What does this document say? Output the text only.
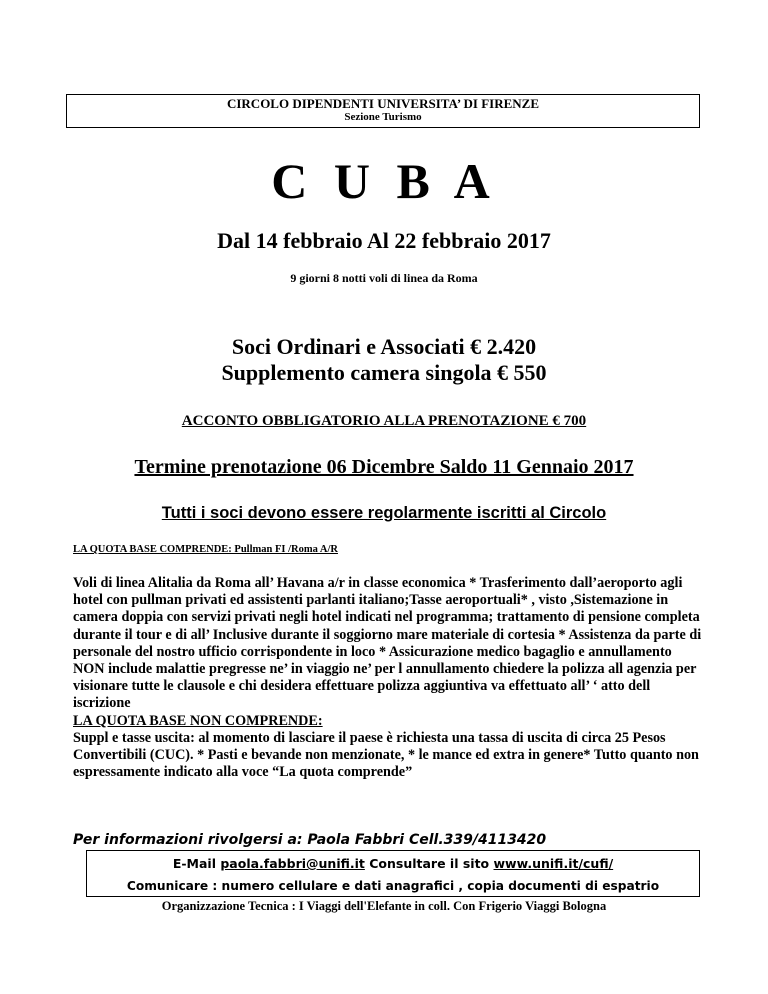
CIRCOLO DIPENDENTI UNIVERSITA’ DI FIRENZE
Sezione Turismo
C U B A
Dal 14 febbraio Al 22 febbraio 2017
9 giorni 8 notti voli di linea da Roma
Soci Ordinari e Associati € 2.420
Supplemento camera singola € 550
ACCONTO OBBLIGATORIO ALLA PRENOTAZIONE € 700
Termine prenotazione 06 Dicembre Saldo 11 Gennaio 2017
Tutti i soci devono essere regolarmente iscritti al Circolo
LA QUOTA BASE COMPRENDE: Pullman FI /Roma A/R

Voli di linea Alitalia da Roma all’ Havana a/r in classe economica * Trasferimento dall’aeroporto agli hotel con pullman privati ed assistenti parlanti italiano;Tasse aeroportuali* , visto ,Sistemazione in camera doppia con servizi privati negli hotel indicati nel programma; trattamento di pensione completa durante il tour e di all’ Inclusive durante il soggiorno mare materiale di cortesia * Assistenza da parte di personale del nostro ufficio corrispondente in loco * Assicurazione medico bagaglio e annullamento NON include malattie pregresse ne’ in viaggio ne’ per l annullamento chiedere la polizza all agenzia per visionare tutte le clausole e chi desidera effettuare polizza aggiuntiva va effettuato all’ ‘ atto dell iscrizione

LA QUOTA BASE NON COMPRENDE:

Suppl e tasse uscita: al momento di lasciare il paese è richiesta una tassa di uscita di circa 25 Pesos Convertibili (CUC). * Pasti e bevande non menzionate, * le mance ed extra in genere* Tutto quanto non espressamente indicato alla voce “La quota comprende”

Per informazioni rivolgersi a: Paola Fabbri Cell.339/4113420
E-Mail paola.fabbri@unifi.it Consultare il sito www.unifi.it/cufi/
Comunicare : numero cellulare e dati anagrafici , copia documenti di espatrio
Organizzazione Tecnica : I Viaggi dell'Elefante in coll. Con Frigerio Viaggi Bologna
